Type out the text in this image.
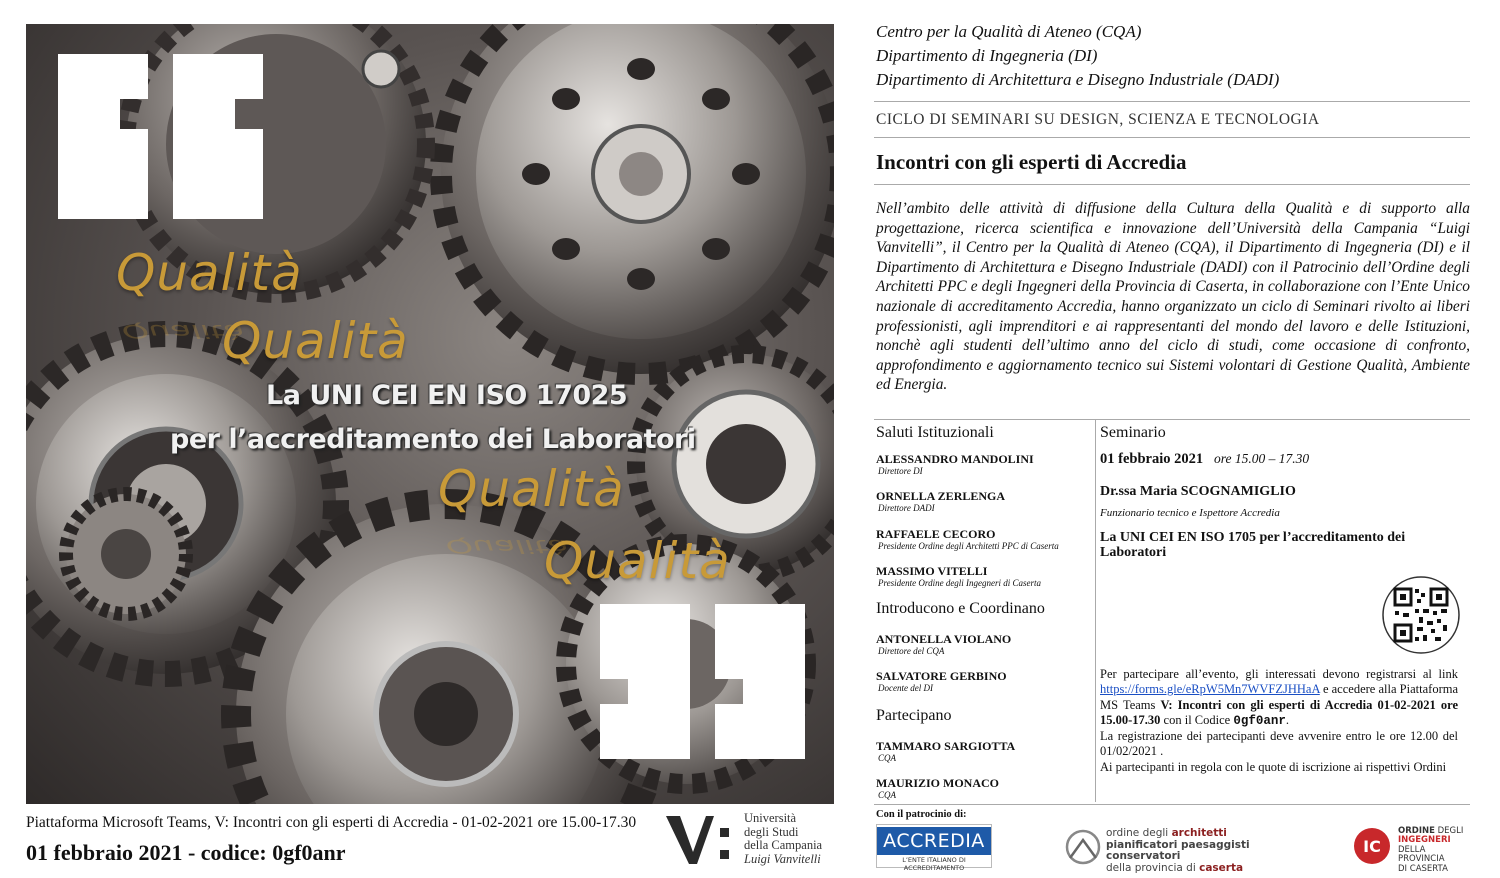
Qualità
Qualità
Qualità
Qualità
Qualità
Qualità
La UNI CEI EN ISO 17025
per l’accreditamento dei Laboratori
Piattaforma Microsoft Teams, V: Incontri con gli esperti di Accredia - 01-02-2021 ore 15.00-17.30
01 febbraio 2021 - codice: 0gf0anr
Università
degli Studi
della Campania
Luigi Vanvitelli
Centro per la Qualità di Ateneo (CQA)
Dipartimento di Ingegneria (DI)
Dipartimento di Architettura e Disegno Industriale (DADI)
CICLO DI SEMINARI SU DESIGN, SCIENZA E TECNOLOGIA
Incontri con gli esperti di Accredia
Nell’ambito delle attività di diffusione della Cultura della Qualità e di supporto alla progettazione, ricerca scientifica e innovazione dell’Università della Campania “Luigi Vanvitelli”, il Centro per la Qualità di Ateneo (CQA), il Dipartimento di Ingegneria (DI) e il Dipartimento di Architettura e Disegno Industriale (DADI) con il Patrocinio dell’Ordine degli Architetti PPC e degli Ingegneri della Provincia di Caserta, in collaborazione con l’Ente Unico nazionale di accreditamento Accredia, hanno organizzato un ciclo di Seminari rivolto ai liberi professionisti, agli imprenditori e ai rappresentanti del mondo del lavoro e delle Istituzioni, nonchè agli studenti dell’ultimo anno del ciclo di studi, come occasione di confronto, approfondimento e aggiornamento tecnico sui Sistemi volontari di Gestione Qualità, Ambiente ed Energia.
Saluti Istituzionali
ALESSANDRO MANDOLINI
Direttore DI
ORNELLA ZERLENGA
Direttore DADI
RAFFAELE CECORO
Presidente Ordine degli Architetti PPC di Caserta
MASSIMO VITELLI
Presidente Ordine degli Ingegneri di Caserta
Introducono e Coordinano
ANTONELLA VIOLANO
Direttore del CQA
SALVATORE GERBINO
Docente del DI
Partecipano
TAMMARO SARGIOTTA
CQA
MAURIZIO MONACO
CQA
Seminario
01 febbraio 2021 ore 15.00 – 17.30
Dr.ssa Maria SCOGNAMIGLIO
Funzionario tecnico e Ispettore Accredia
La UNI CEI EN ISO 1705 per l’accreditamento dei Laboratori
Per partecipare all’evento, gli interessati devono registrarsi al link https://forms.gle/eRpW5Mn7WVFZJHHaA e accedere alla Piattaforma MS Teams V: Incontri con gli esperti di Accredia 01-02-2021 ore 15.00-17.30 con il Codice 0gf0anr.
La registrazione dei partecipanti deve avvenire entro le ore 12.00 del 01/02/2021 .
Ai partecipanti in regola con le quote di iscrizione ai rispettivi Ordini
Con il patrocinio di:
ACCREDIA
L’ENTE ITALIANO DI ACCREDITAMENTO
ordine degli architetti
pianificatori paesaggisti conservatori
della provincia di caserta
IC
ORDINE DEGLI
INGEGNERI
DELLA PROVINCIA
DI CASERTA
